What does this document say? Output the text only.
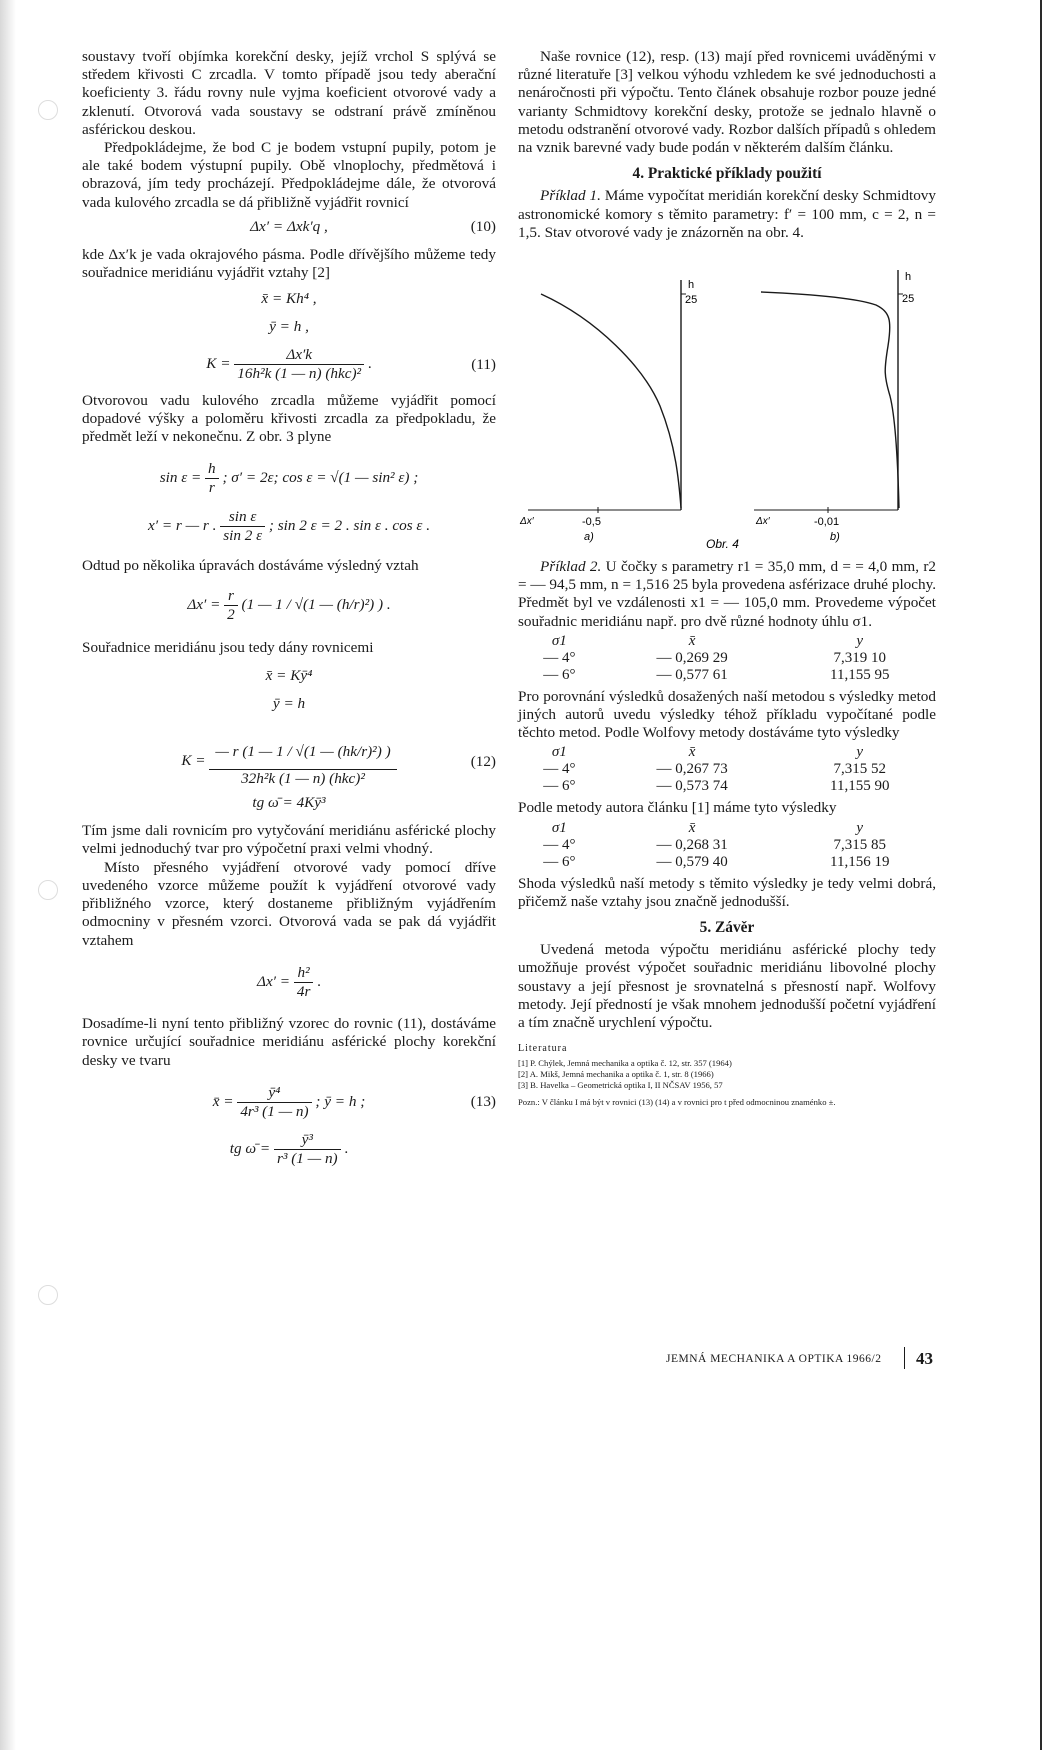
soustavy tvoří objímka korekční desky, jejíž vrchol S splývá se středem křivosti C zrcadla. V tomto případě jsou tedy aberační koeficienty 3. řádu rovny nule vyjma koeficient otvorové vady a zklenutí. Otvorová vada soustavy se odstraní právě zmíněnou asférickou deskou.

Předpokládejme, že bod C je bodem vstupní pupily, potom je ale také bodem výstupní pupily. Obě vlnoplochy, předmětová i obrazová, jím tedy procházejí. Předpokládejme dále, že otvorová vada kulového zrcadla se dá přibližně vyjádřit rovnicí

Δx′ = Δxk′q ,	(10)

kde Δx′k je vada okrajového pásma. Podle dřívějšího můžeme tedy souřadnice meridiánu vyjádřit vztahy [2]

x̄ = Kh⁴ ,
ȳ = h ,
$K = \frac{\Delta x'k}{\text{16h²k (1 — n) (hkc)²}}$ .	(11)

Otvorovou vadu kulového zrcadla můžeme vyjádřit pomocí dopadové výšky a poloměru křivosti zrcadla za předpokladu, že předmět leží v nekonečnu. Z obr. 3 plyne

$\sin \varepsilon = \frac{h}{r}$ ; σ′ = 2ε; cos ε = √(1 — sin² ε) ;
x′ = r — r . $\frac{\text{sin ε}}{\sin 2 \varepsilon}$ ; sin 2 ε = 2 . sin ε . cos ε .

Odtud po několika úpravách dostáváme výsledný vztah

$\Delta x' = \frac{r}{2} (1$ — 1 / √(1 — (h/r)²) ) .

Souřadnice meridiánu jsou tedy dány rovnicemi

x̄ = Kȳ⁴
ȳ = h
$K = \frac{\text{— r (1 — 1 / √(1 — (hk/r)²) )}}{\text{32h²k (1 — n) (hkc)²}}$	(12)
tg ω̄ = 4Kȳ³

Tím jsme dali rovnicím pro vytyčování meridiánu asférické plochy velmi jednoduchý tvar pro výpočetní praxi velmi vhodný.

Místo přesného vyjádření otvorové vady pomocí dříve uvedeného vzorce můžeme použít k vyjádření otvorové vady přibližného vzorce, který dostaneme přibližným vyjádřením odmocniny v přesném vzorci. Otvorová vada se pak dá vyjádřit vztahem

$\Delta x' = \frac{\text{h²}}{4r}$ .

Dosadíme-li nyní tento přibližný vzorec do rovnic (11), dostáváme rovnice určující souřadnice meridiánu asférické plochy korekční desky ve tvaru

x̄ = $\frac{\text{ȳ⁴}}{\text{4r³ (1 — n)}}$ ; ȳ = h ;	(13)
tg ω̄ = $\frac{\text{ȳ³}}{\text{r³ (1 — n)}}$ .

Naše rovnice (12), resp. (13) mají před rovnicemi uváděnými v různé literatuře [3] velkou výhodu vzhledem ke své jednoduchosti a nenáročnosti při výpočtu. Tento článek obsahuje rozbor pouze jedné varianty Schmidtovy korekční desky, protože se jednalo hlavně o metodu odstranění otvorové vady. Rozbor dalších případů s ohledem na vznik barevné vady bude podán v některém dalším článku.

4. Praktické příklady použití

Příklad 1. Máme vypočítat meridián korekční desky Schmidtovy astronomické komory s těmito parametry: f′ = 100 mm, c = 2, n = 1,5. Stav otvorové vady je znázorněn na obr. 4.

h
25
Δx′	-0,5
a)
h
25
Δx′	-0,01
b)
Obr. 4

Příklad 2. U čočky s parametry r1 = 35,0 mm, d = = 4,0 mm, r2 = — 94,5 mm, n = 1,516 25 byla provedena asférizace druhé plochy. Předmět byl ve vzdálenosti x1 = — 105,0 mm. Provedeme výpočet souřadnic meridiánu např. pro dvě různé hodnoty úhlu σ1.

σ1	x̄	y
— 4°	— 0,269 29	7,319 10
— 6°	— 0,577 61	11,155 95

Pro porovnání výsledků dosažených naší metodou s výsledky metod jiných autorů uvedu výsledky téhož příkladu vypočítané podle těchto metod. Podle Wolfovy metody dostáváme tyto výsledky

σ1	x̄	y
— 4°	— 0,267 73	7,315 52
— 6°	— 0,573 74	11,155 90

Podle metody autora článku [1] máme tyto výsledky

σ1	x̄	y
— 4°	— 0,268 31	7,315 85
— 6°	— 0,579 40	11,156 19

Shoda výsledků naší metody s těmito výsledky je tedy velmi dobrá, přičemž naše vztahy jsou značně jednodušší.

5. Závěr

Uvedená metoda výpočtu meridiánu asférické plochy tedy umožňuje provést výpočet souřadnic meridiánu libovolné plochy soustavy a její přesnost je srovnatelná s přesností např. Wolfovy metody. Její předností je však mnohem jednodušší početní vyjádření a tím značně urychlení výpočtu.

Literatura
[1] P. Chýlek, Jemná mechanika a optika č. 12, str. 357 (1964)
[2] A. Mikš, Jemná mechanika a optika č. 1, str. 8 (1966)
[3] B. Havelka – Geometrická optika I, II NČSAV 1956, 57
Pozn.: V článku I má být v rovnici (13) (14) a v rovnici pro t před odmocninou znaménko ±.
JEMNÁ MECHANIKA A OPTIKA 1966/2 43
